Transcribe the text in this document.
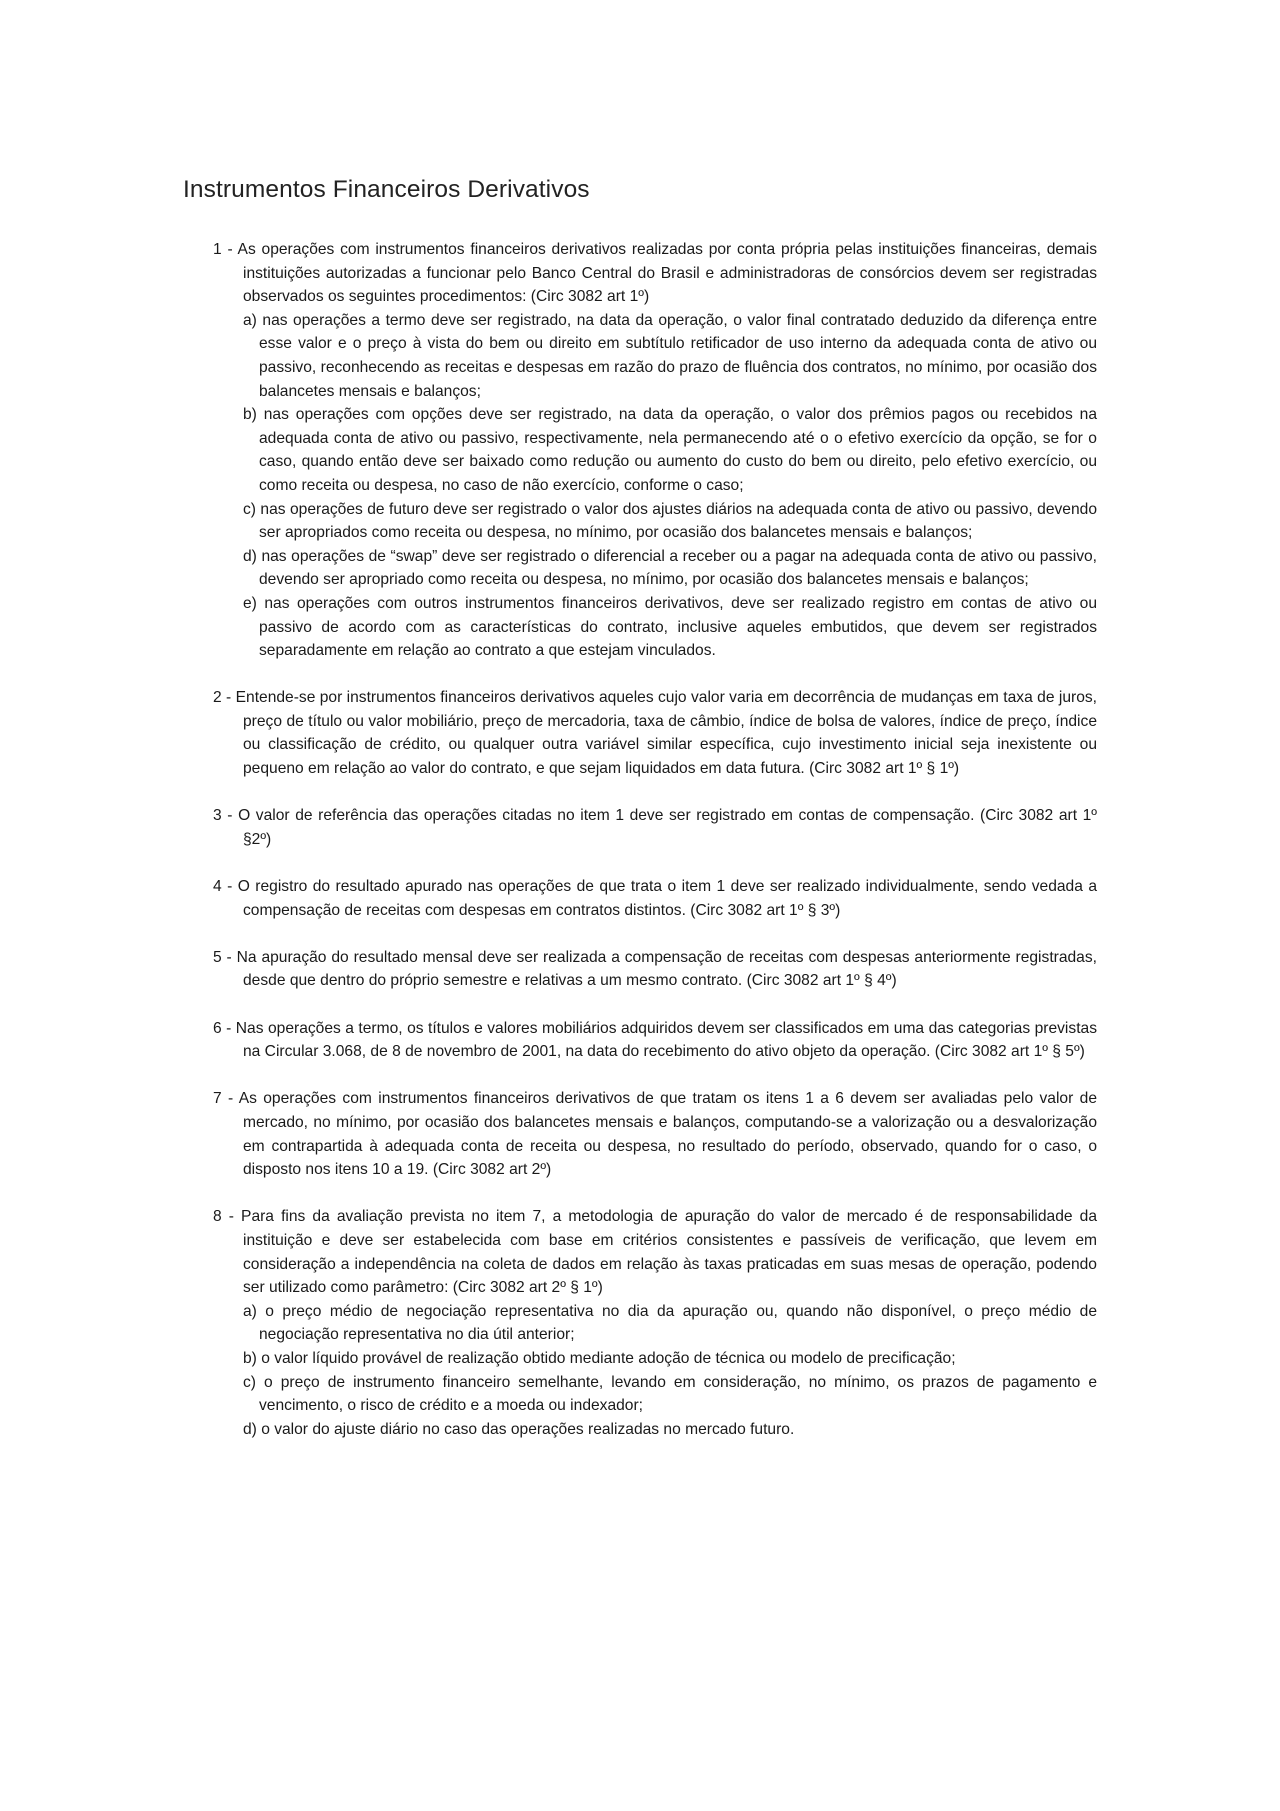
Instrumentos Financeiros Derivativos
1 - As operações com instrumentos financeiros derivativos realizadas por conta própria pelas instituições financeiras, demais instituições autorizadas a funcionar pelo Banco Central do Brasil e administradoras de consórcios devem ser registradas observados os seguintes procedimentos: (Circ 3082 art 1º)
a) nas operações a termo deve ser registrado, na data da operação, o valor final contratado deduzido da diferença entre esse valor e o preço à vista do bem ou direito em subtítulo retificador de uso interno da adequada conta de ativo ou passivo, reconhecendo as receitas e despesas em razão do prazo de fluência dos contratos, no mínimo, por ocasião dos balancetes mensais e balanços;
b) nas operações com opções deve ser registrado, na data da operação, o valor dos prêmios pagos ou recebidos na adequada conta de ativo ou passivo, respectivamente, nela permanecendo até o o efetivo exercício da opção, se for o caso, quando então deve ser baixado como redução ou aumento do custo do bem ou direito, pelo efetivo exercício, ou como receita ou despesa, no caso de não exercício, conforme o caso;
c) nas operações de futuro deve ser registrado o valor dos ajustes diários na adequada conta de ativo ou passivo, devendo ser apropriados como receita ou despesa, no mínimo, por ocasião dos balancetes mensais e balanços;
d) nas operações de “swap” deve ser registrado o diferencial a receber ou a pagar na adequada conta de ativo ou passivo, devendo ser apropriado como receita ou despesa, no mínimo, por ocasião dos balancetes mensais e balanços;
e) nas operações com outros instrumentos financeiros derivativos, deve ser realizado registro em contas de ativo ou passivo de acordo com as características do contrato, inclusive aqueles embutidos, que devem ser registrados separadamente em relação ao contrato a que estejam vinculados.
2 - Entende-se por instrumentos financeiros derivativos aqueles cujo valor varia em decorrência de mudanças em taxa de juros, preço de título ou valor mobiliário, preço de mercadoria, taxa de câmbio, índice de bolsa de valores, índice de preço, índice ou classificação de crédito, ou qualquer outra variável similar específica, cujo investimento inicial seja inexistente ou pequeno em relação ao valor do contrato, e que sejam liquidados em data futura. (Circ 3082 art 1º § 1º)
3 - O valor de referência das operações citadas no item 1 deve ser registrado em contas de compensação. (Circ 3082 art 1º §2º)
4 - O registro do resultado apurado nas operações de que trata o item 1 deve ser realizado individualmente, sendo vedada a compensação de receitas com despesas em contratos distintos. (Circ 3082 art 1º § 3º)
5 - Na apuração do resultado mensal deve ser realizada a compensação de receitas com despesas anteriormente registradas, desde que dentro do próprio semestre e relativas a um mesmo contrato. (Circ 3082 art 1º § 4º)
6 - Nas operações a termo, os títulos e valores mobiliários adquiridos devem ser classificados em uma das categorias previstas na Circular 3.068, de 8 de novembro de 2001, na data do recebimento do ativo objeto da operação. (Circ 3082 art 1º § 5º)
7 - As operações com instrumentos financeiros derivativos de que tratam os itens 1 a 6 devem ser avaliadas pelo valor de mercado, no mínimo, por ocasião dos balancetes mensais e balanços, computando-se a valorização ou a desvalorização em contrapartida à adequada conta de receita ou despesa, no resultado do período, observado, quando for o caso, o disposto nos itens 10 a 19. (Circ 3082 art 2º)
8 - Para fins da avaliação prevista no item 7, a metodologia de apuração do valor de mercado é de responsabilidade da instituição e deve ser estabelecida com base em critérios consistentes e passíveis de verificação, que levem em consideração a independência na coleta de dados em relação às taxas praticadas em suas mesas de operação, podendo ser utilizado como parâmetro: (Circ 3082 art 2º § 1º)
a) o preço médio de negociação representativa no dia da apuração ou, quando não disponível, o preço médio de negociação representativa no dia útil anterior;
b) o valor líquido provável de realização obtido mediante adoção de técnica ou modelo de precificação;
c) o preço de instrumento financeiro semelhante, levando em consideração, no mínimo, os prazos de pagamento e vencimento, o risco de crédito e a moeda ou indexador;
d) o valor do ajuste diário no caso das operações realizadas no mercado futuro.
